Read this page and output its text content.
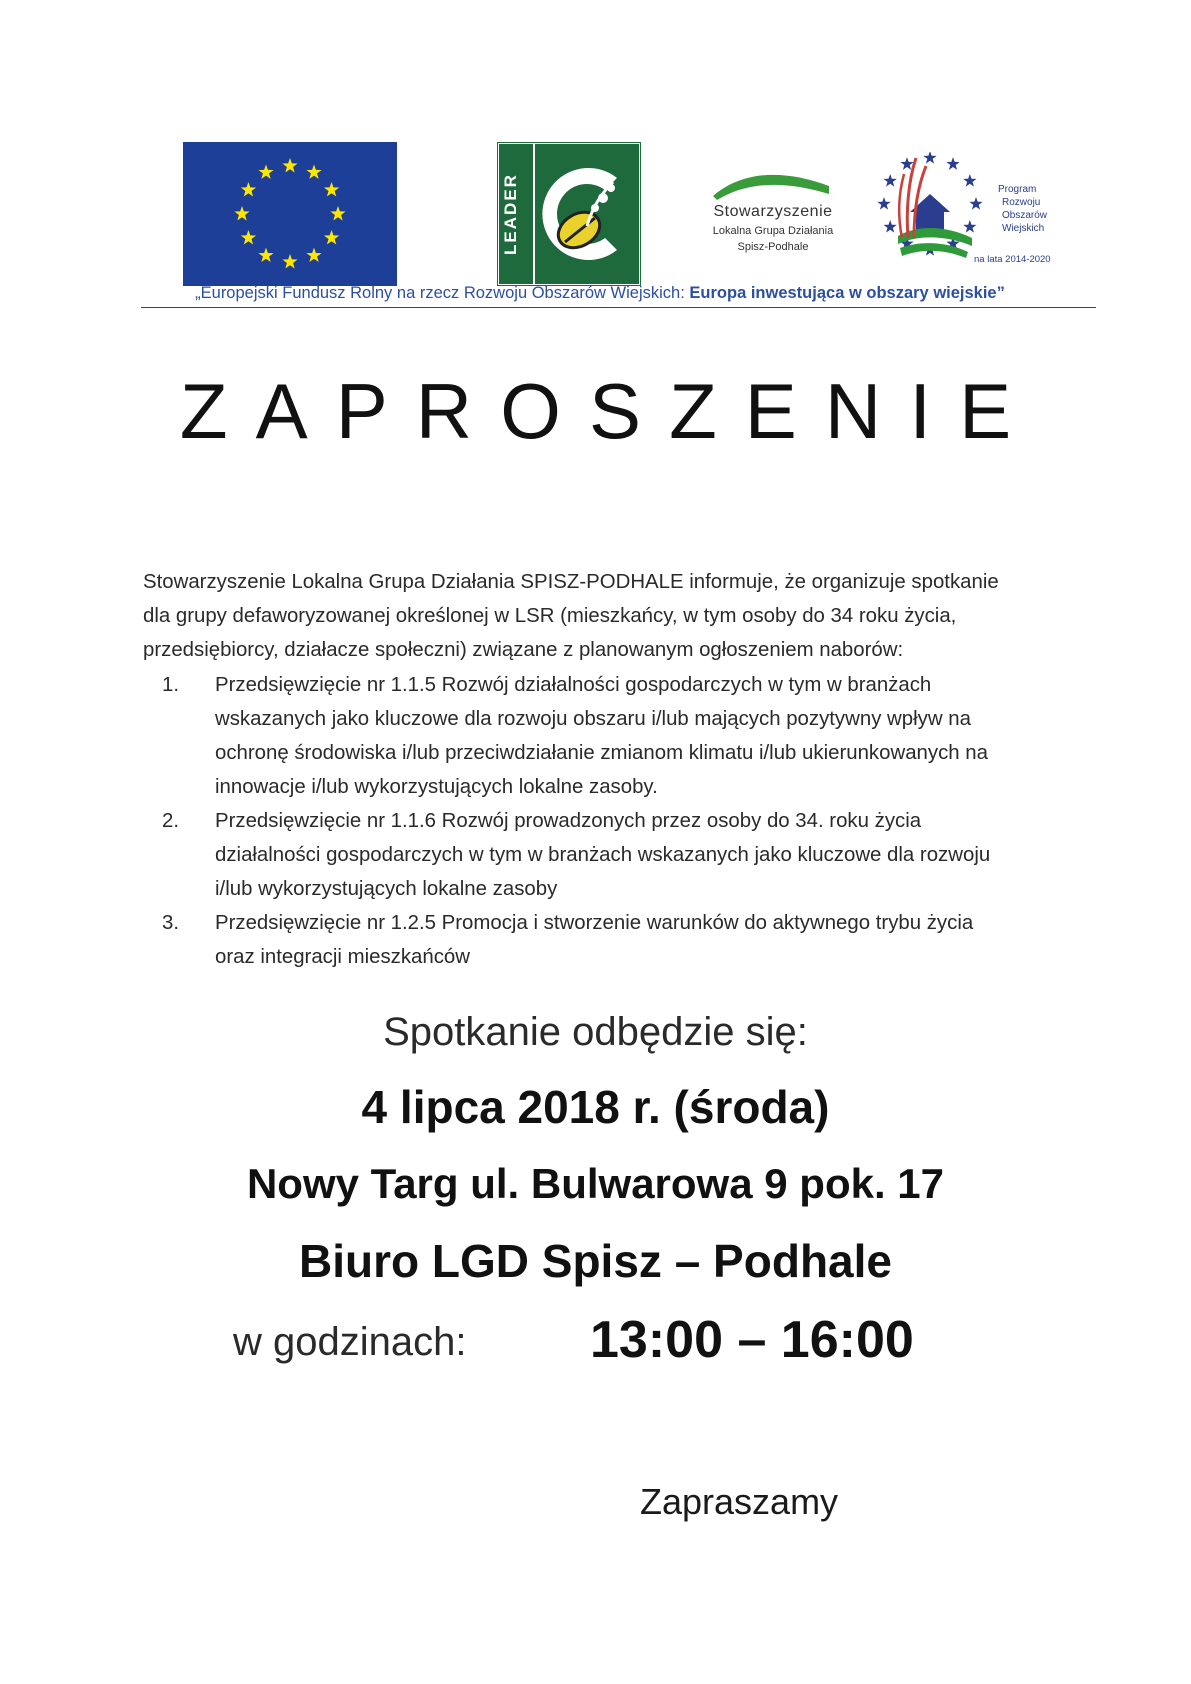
LEADER	Stowarzyszenie
Lokalna Grupa Działania
Spisz-Podhale
Program
Rozwoju
Obszarów
Wiejskich
na lata 2014-2020
„Europejski Fundusz Rolny na rzecz Rozwoju Obszarów Wiejskich: Europa inwestująca w obszary wiejskie”
ZAPROSZENIE
Stowarzyszenie Lokalna Grupa Działania SPISZ-PODHALE informuje, że organizuje spotkanie
dla grupy defaworyzowanej określonej w LSR (mieszkańcy, w tym osoby do 34 roku życia,
przedsiębiorcy, działacze społeczni) związane z planowanym ogłoszeniem naborów:
1. Przedsięwzięcie nr 1.1.5 Rozwój działalności gospodarczych w tym w branżach
wskazanych jako kluczowe dla rozwoju obszaru i/lub mających pozytywny wpływ na
ochronę środowiska i/lub przeciwdziałanie zmianom klimatu i/lub ukierunkowanych na
innowacje i/lub wykorzystujących lokalne zasoby.
2. Przedsięwzięcie nr 1.1.6 Rozwój prowadzonych przez osoby do 34. roku życia
działalności gospodarczych w tym w branżach wskazanych jako kluczowe dla rozwoju
i/lub wykorzystujących lokalne zasoby
3. Przedsięwzięcie nr 1.2.5 Promocja i stworzenie warunków do aktywnego trybu życia
oraz integracji mieszkańców
Spotkanie odbędzie się:
4 lipca 2018 r. (środa)
Nowy Targ ul. Bulwarowa 9 pok. 17
Biuro LGD Spisz – Podhale
w godzinach: 13:00 – 16:00
Zapraszamy
